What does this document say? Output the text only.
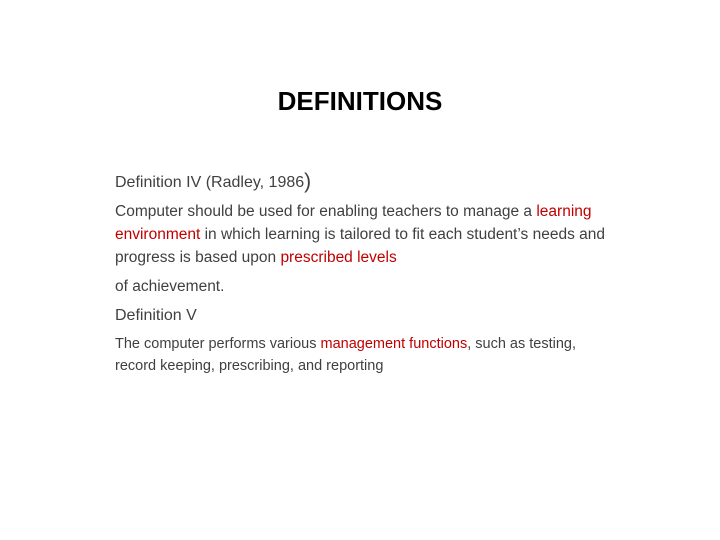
DEFINITIONS

Definition IV (Radley, 1986)

Computer should be used for enabling teachers to manage a learning environment in which learning is tailored to fit each student’s needs and progress is based upon prescribed levels
of achievement.

Definition V

The computer performs various management functions, such as testing, record keeping, prescribing, and reporting
